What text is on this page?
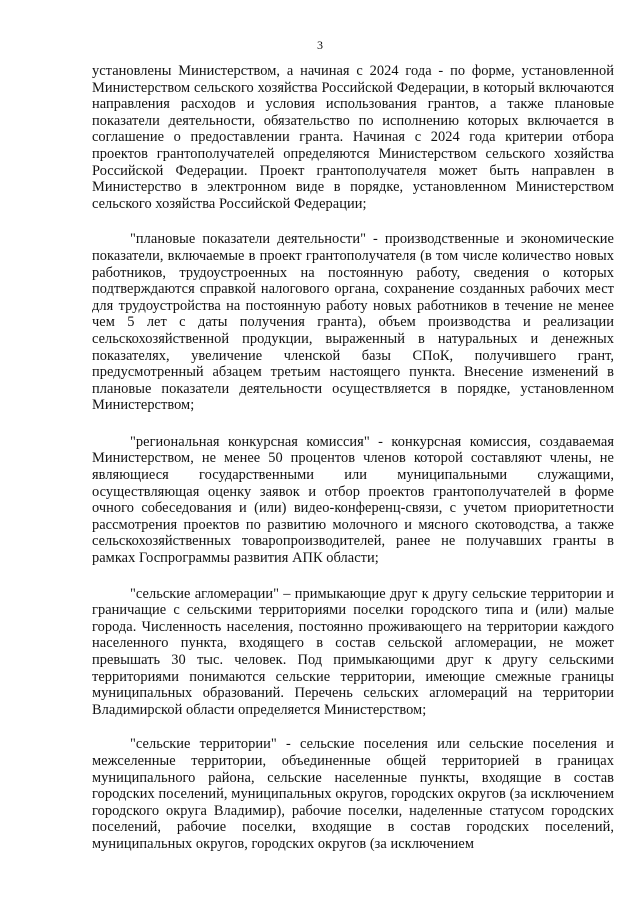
3

установлены Министерством, а начиная с 2024 года - по форме, установленной Министерством сельского хозяйства Российской Федерации, в который включаются направления расходов и условия использования грантов, а также плановые показатели деятельности, обязательство по исполнению которых включается в соглашение о предоставлении гранта. Начиная с 2024 года критерии отбора проектов грантополучателей определяются Министерством сельского хозяйства Российской Федерации. Проект грантополучателя может быть направлен в Министерство в электронном виде в порядке, установленном Министерством сельского хозяйства Российской Федерации;

"плановые показатели деятельности" - производственные и экономические показатели, включаемые в проект грантополучателя (в том числе количество новых работников, трудоустроенных на постоянную работу, сведения о которых подтверждаются справкой налогового органа, сохранение созданных рабочих мест для трудоустройства на постоянную работу новых работников в течение не менее чем 5 лет с даты получения гранта), объем производства и реализации сельскохозяйственной продукции, выраженный в натуральных и денежных показателях, увеличение членской базы СПоК, получившего грант, предусмотренный абзацем третьим настоящего пункта. Внесение изменений в плановые показатели деятельности осуществляется в порядке, установленном Министерством;

"региональная конкурсная комиссия" - конкурсная комиссия, создаваемая Министерством, не менее 50 процентов членов которой составляют члены, не являющиеся государственными или муниципальными служащими, осуществляющая оценку заявок и отбор проектов грантополучателей в форме очного собеседования и (или) видео-конференц-связи, с учетом приоритетности рассмотрения проектов по развитию молочного и мясного скотоводства, а также сельскохозяйственных товаропроизводителей, ранее не получавших гранты в рамках Госпрограммы развития АПК области;

"сельские агломерации" – примыкающие друг к другу сельские территории и граничащие с сельскими территориями поселки городского типа и (или) малые города. Численность населения, постоянно проживающего на территории каждого населенного пункта, входящего в состав сельской агломерации, не может превышать 30 тыс. человек. Под примыкающими друг к другу сельскими территориями понимаются сельские территории, имеющие смежные границы муниципальных образований. Перечень сельских агломераций на территории Владимирской области определяется Министерством;

"сельские территории" - сельские поселения или сельские поселения и межселенные территории, объединенные общей территорией в границах муниципального района, сельские населенные пункты, входящие в состав городских поселений, муниципальных округов, городских округов (за исключением городского округа Владимир), рабочие поселки, наделенные статусом городских поселений, рабочие поселки, входящие в состав городских поселений, муниципальных округов, городских округов (за исключением
